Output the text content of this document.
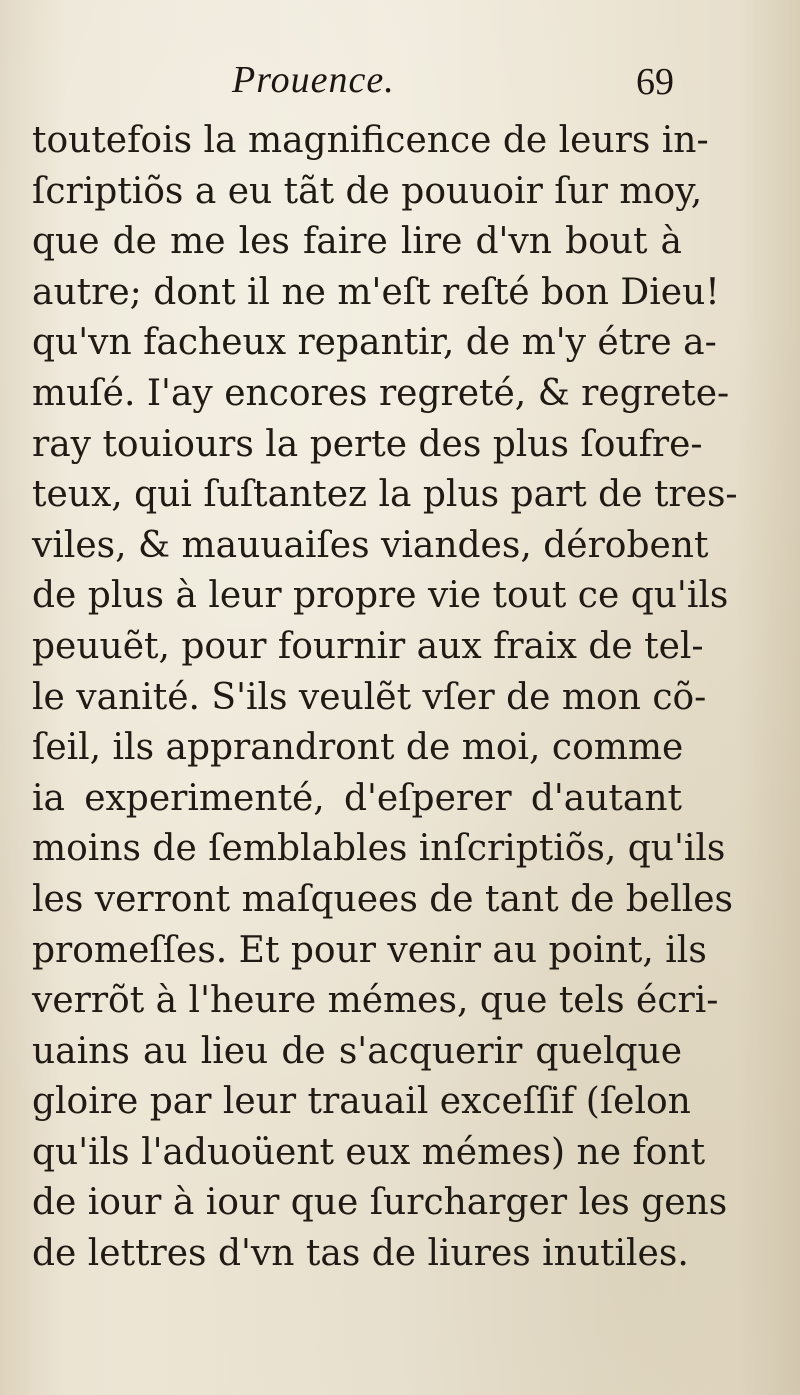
Prouence.	69
toutefois la magnificence de leurs in-
ſcriptiõs a eu tãt de pouuoir ſur moy,
que de me les faire lire d'vn bout à
autre; dont il ne m'eſt reſté bon Dieu!
qu'vn facheux repantir, de m'y étre a-
muſé. I'ay encores regreté, & regrete-
ray touiours la perte des plus ſoufre-
teux, qui ſuſtantez la plus part de tres-
viles, & mauuaiſes viandes, dérobent
de plus à leur propre vie tout ce qu'ils
peuuẽt, pour fournir aux fraix de tel-
le vanité. S'ils veulẽt vſer de mon cõ-
ſeil, ils apprandront de moi, comme
ia experimenté, d'eſperer d'autant
moins de ſemblables inſcriptiõs, qu'ils
les verront maſquees de tant de belles
promeſſes. Et pour venir au point, ils
verrõt à l'heure mémes, que tels écri-
uains au lieu de s'acquerir quelque
gloire par leur trauail exceſſif (ſelon
qu'ils l'aduoüent eux mémes) ne font
de iour à iour que ſurcharger les gens
de lettres d'vn tas de liures inutiles.
